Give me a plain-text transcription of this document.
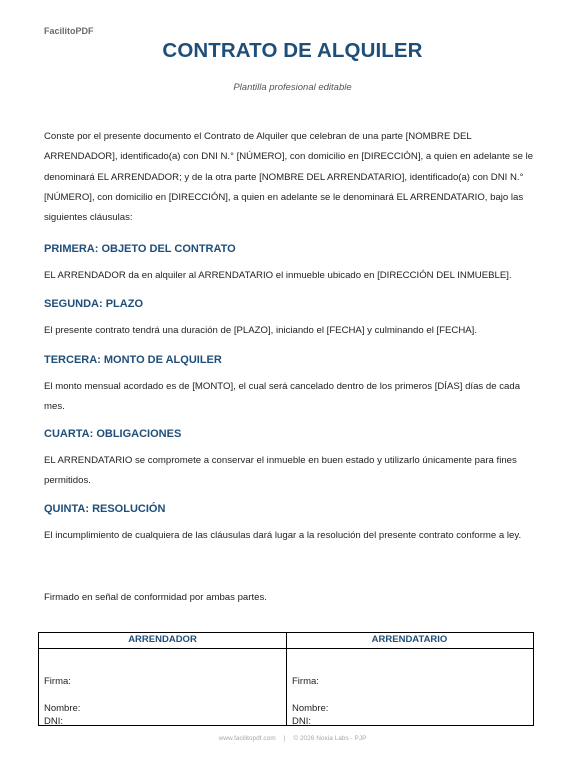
FacilitoPDF
CONTRATO DE ALQUILER
Plantilla profesional editable
Conste por el presente documento el Contrato de Alquiler que celebran de una parte [NOMBRE DEL ARRENDADOR], identificado(a) con DNI N.° [NÚMERO], con domicilio en [DIRECCIÓN], a quien en adelante se le denominará EL ARRENDADOR; y de la otra parte [NOMBRE DEL ARRENDATARIO], identificado(a) con DNI N.° [NÚMERO], con domicilio en [DIRECCIÓN], a quien en adelante se le denominará EL ARRENDATARIO, bajo las siguientes cláusulas:
PRIMERA: OBJETO DEL CONTRATO
EL ARRENDADOR da en alquiler al ARRENDATARIO el inmueble ubicado en [DIRECCIÓN DEL INMUEBLE].
SEGUNDA: PLAZO
El presente contrato tendrá una duración de [PLAZO], iniciando el [FECHA] y culminando el [FECHA].
TERCERA: MONTO DE ALQUILER
El monto mensual acordado es de [MONTO], el cual será cancelado dentro de los primeros [DÍAS] días de cada mes.
CUARTA: OBLIGACIONES
EL ARRENDATARIO se compromete a conservar el inmueble en buen estado y utilizarlo únicamente para fines permitidos.
QUINTA: RESOLUCIÓN
El incumplimiento de cualquiera de las cláusulas dará lugar a la resolución del presente contrato conforme a ley.
Firmado en señal de conformidad por ambas partes.
ARRENDADOR	ARRENDATARIO
Firma:
Nombre:
DNI:
Firma:
Nombre:
DNI:
www.facilitopdf.com | © 2026 Noxia Labs - PJP
